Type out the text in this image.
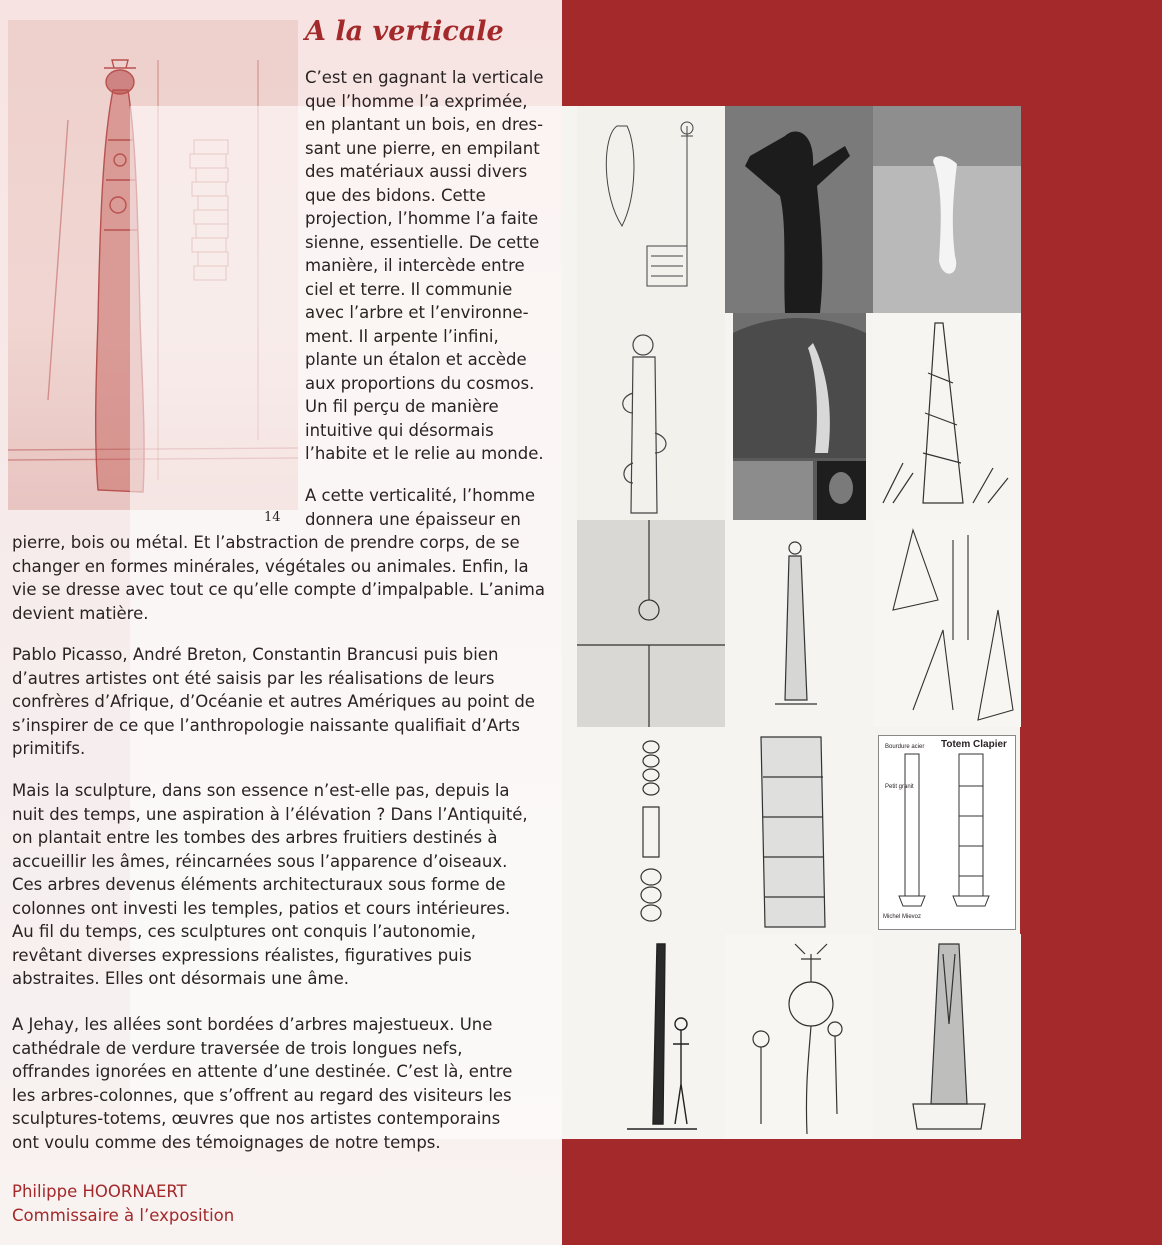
Totem Clapier
Bourdure acier
Petit granit
Michel Mievoz
A la verticale
C’est en gagnant la verticale
que l’homme l’a exprimée,
en plantant un bois, en dres-
sant une pierre, en empilant
des matériaux aussi divers
que des bidons. Cette
projection, l’homme l’a faite
sienne, essentielle. De cette
manière, il intercède entre
ciel et terre. Il communie
avec l’arbre et l’environne-
ment. Il arpente l’infini,
plante un étalon et accède
aux proportions du cosmos.
Un fil perçu de manière
intuitive qui désormais
l’habite et le relie au monde.
A cette verticalité, l’homme
donnera une épaisseur en
14
pierre, bois ou métal. Et l’abstraction de prendre corps, de se
changer en formes minérales, végétales ou animales. Enfin, la
vie se dresse avec tout ce qu’elle compte d’impalpable. L’anima
devient matière.
Pablo Picasso, André Breton, Constantin Brancusi puis bien
d’autres artistes ont été saisis par les réalisations de leurs
confrères d’Afrique, d’Océanie et autres Amériques au point de
s’inspirer de ce que l’anthropologie naissante qualifiait d’Arts
primitifs.
Mais la sculpture, dans son essence n’est-elle pas, depuis la
nuit des temps, une aspiration à l’élévation ? Dans l’Antiquité,
on plantait entre les tombes des arbres fruitiers destinés à
accueillir les âmes, réincarnées sous l’apparence d’oiseaux.
Ces arbres devenus éléments architecturaux sous forme de
colonnes ont investi les temples, patios et cours intérieures.
Au fil du temps, ces sculptures ont conquis l’autonomie,
revêtant diverses expressions réalistes, figuratives puis
abstraites. Elles ont désormais une âme.
A Jehay, les allées sont bordées d’arbres majestueux. Une
cathédrale de verdure traversée de trois longues nefs,
offrandes ignorées en attente d’une destinée. C’est là, entre
les arbres-colonnes, que s’offrent au regard des visiteurs les
sculptures-totems, œuvres que nos artistes contemporains
ont voulu comme des témoignages de notre temps.
Philippe HOORNAERT
Commissaire à l’exposition
